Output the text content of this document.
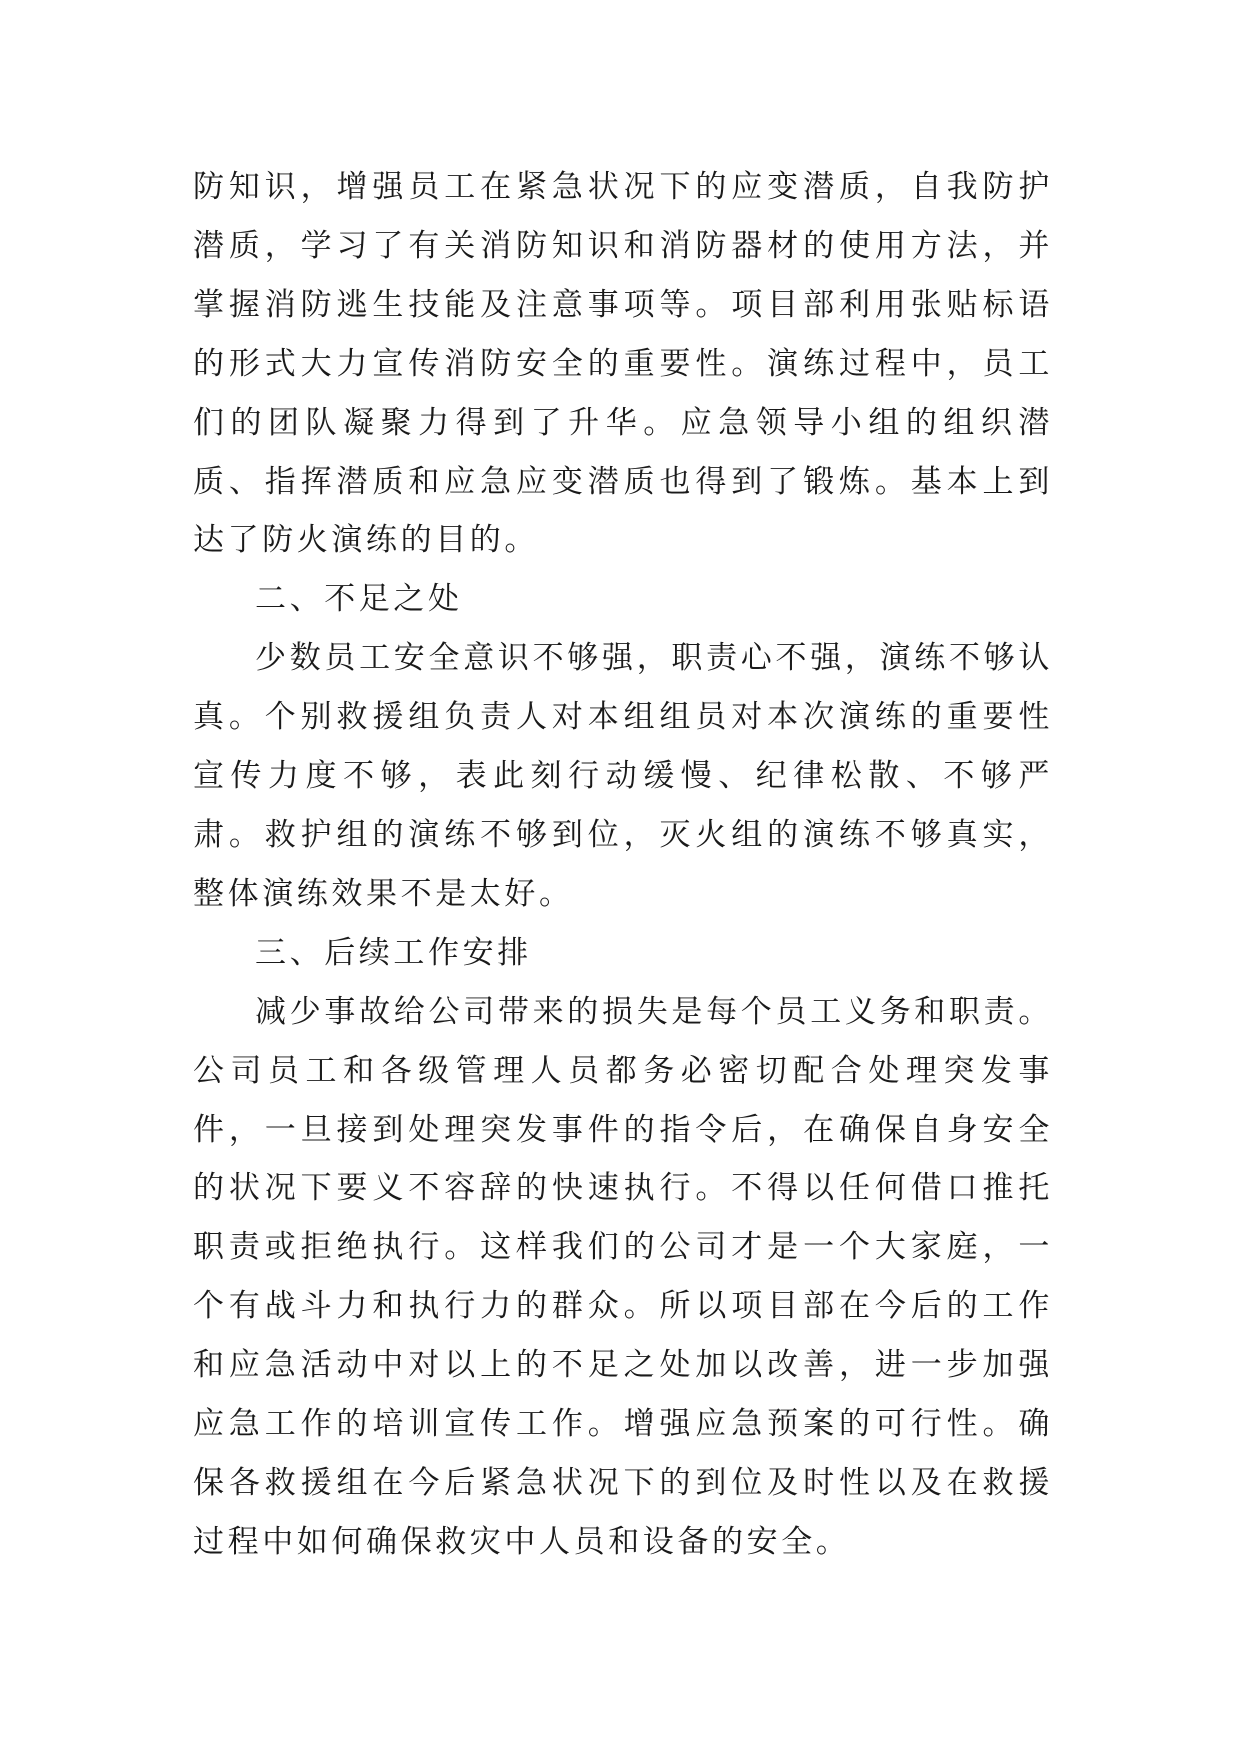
防知识，增强员工在紧急状况下的应变潜质，自我防护潜质，学习了有关消防知识和消防器材的使用方法，并掌握消防逃生技能及注意事项等。项目部利用张贴标语的形式大力宣传消防安全的重要性。演练过程中，员工们的团队凝聚力得到了升华。应急领导小组的组织潜质、指挥潜质和应急应变潜质也得到了锻炼。基本上到达了防火演练的目的。

二、不足之处

少数员工安全意识不够强，职责心不强，演练不够认真。个别救援组负责人对本组组员对本次演练的重要性宣传力度不够，表此刻行动缓慢、纪律松散、不够严肃。救护组的演练不够到位，灭火组的演练不够真实，整体演练效果不是太好。

三、后续工作安排

减少事故给公司带来的损失是每个员工义务和职责。公司员工和各级管理人员都务必密切配合处理突发事件，一旦接到处理突发事件的指令后，在确保自身安全的状况下要义不容辞的快速执行。不得以任何借口推托职责或拒绝执行。这样我们的公司才是一个大家庭，一个有战斗力和执行力的群众。所以项目部在今后的工作和应急活动中对以上的不足之处加以改善，进一步加强应急工作的培训宣传工作。增强应急预案的可行性。确保各救援组在今后紧急状况下的到位及时性以及在救援过程中如何确保救灾中人员和设备的安全。
